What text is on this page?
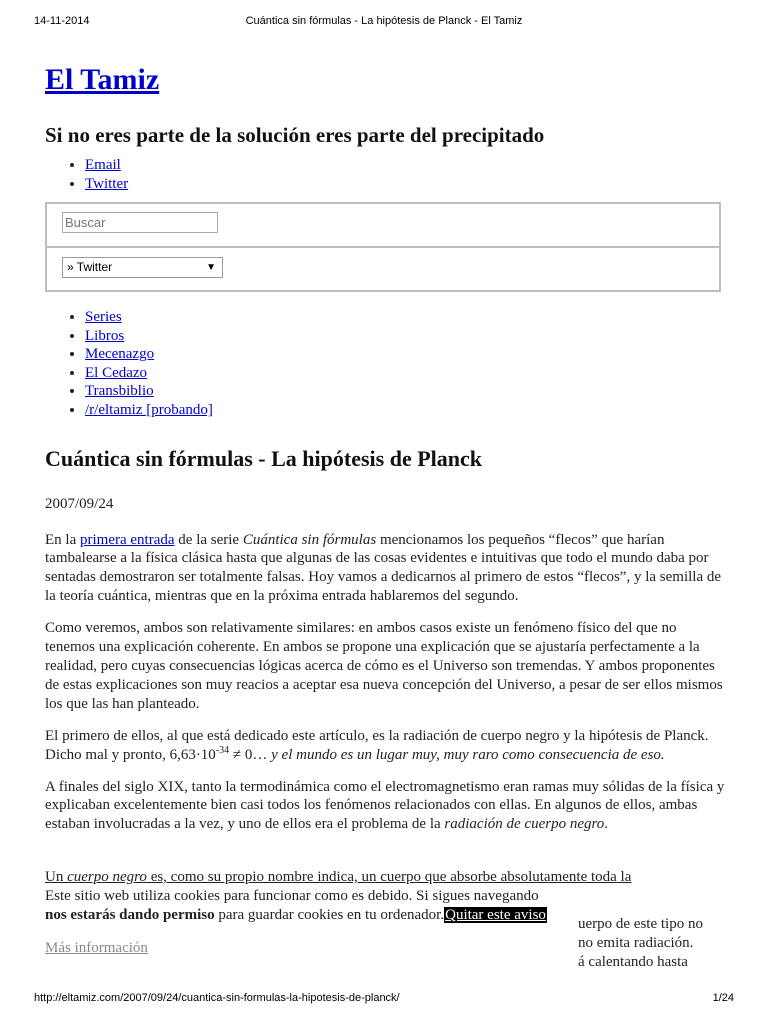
14-11-2014	Cuántica sin fórmulas - La hipótesis de Planck - El Tamiz
El Tamiz
Si no eres parte de la solución eres parte del precipitado
• Email
• Twitter
Buscar
» Twitter	▼
• Series
• Libros
• Mecenazgo
• El Cedazo
• Transbiblio
• /r/eltamiz [probando]
Cuántica sin fórmulas - La hipótesis de Planck
2007/09/24

En la primera entrada de la serie Cuántica sin fórmulas mencionamos los pequeños “flecos” que harían tambalearse a la física clásica hasta que algunas de las cosas evidentes e intuitivas que todo el mundo daba por sentadas demostraron ser totalmente falsas. Hoy vamos a dedicarnos al primero de estos “flecos”, y la semilla de la teoría cuántica, mientras que en la próxima entrada hablaremos del segundo.

Como veremos, ambos son relativamente similares: en ambos casos existe un fenómeno físico del que no tenemos una explicación coherente. En ambos se propone una explicación que se ajustaría perfectamente a la realidad, pero cuyas consecuencias lógicas acerca de cómo es el Universo son tremendas. Y ambos proponentes de estas explicaciones son muy reacios a aceptar esa nueva concepción del Universo, a pesar de ser ellos mismos los que las han planteado.

El primero de ellos, al que está dedicado este artículo, es la radiación de cuerpo negro y la hipótesis de Planck. Dicho mal y pronto, $6,63\cdot 10^{-34}$ ≠ 0… y el mundo es un lugar muy, muy raro como consecuencia de eso.

A finales del siglo XIX, tanto la termodinámica como el electromagnetismo eran ramas muy sólidas de la física y explicaban excelentemente bien casi todos los fenómenos relacionados con ellas. En algunos de ellos, ambas estaban involucradas a la vez, y uno de ellos era el problema de la radiación de cuerpo negro.

Un cuerpo negro es, como su propio nombre indica, un cuerpo que absorbe absolutamente toda la
Este sitio web utiliza cookies para funcionar como es debido. Si sigues navegando
nos estarás dando permiso para guardar cookies en tu ordenador.Quitar este aviso
Más información
uerpo de este tipo no
no emita radiación.
á calentando hasta
http://eltamiz.com/2007/09/24/cuantica-sin-formulas-la-hipotesis-de-planck/	1/24
